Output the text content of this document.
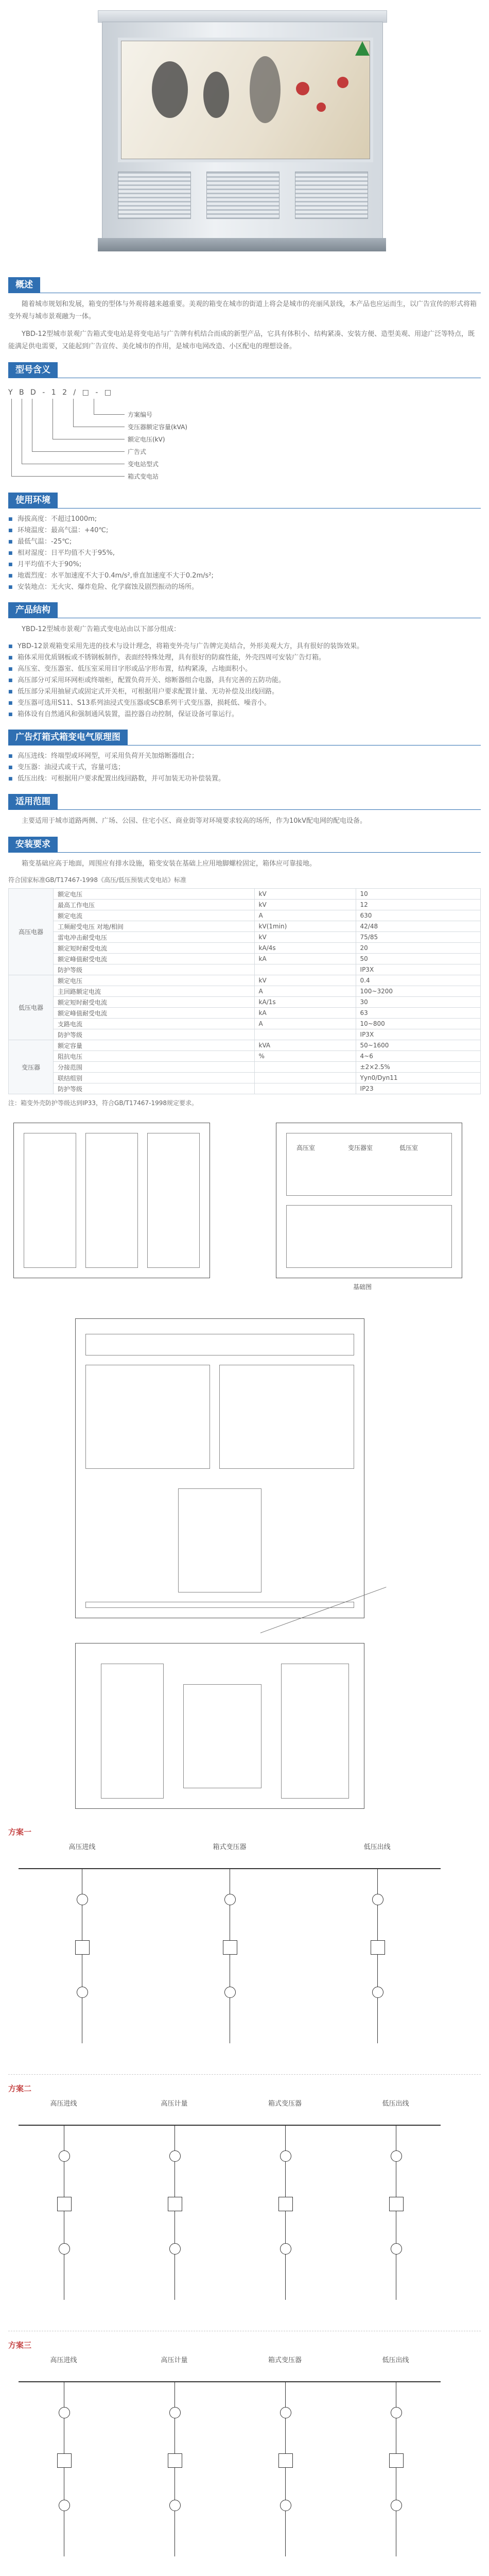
概述

随着城市规划和发展，箱变的型体与外观将越来越重要。美观的箱变在城市的街道上将会是城市的亮丽风景线，本产品也应运而生，以广告宣传的形式将箱变外观与城市景观融为一体。

YBD-12型城市景观广告箱式变电站是将变电站与广告牌有机结合而成的新型产品，它具有体积小、结构紧凑、安装方便、造型美观、用途广泛等特点，既能满足供电需要，又能起到广告宣传、美化城市的作用，是城市电网改造、小区配电的理想设备。

型号含义
Y B D - 1 2 / □ - □
方案编号
变压器额定容量(kVA)
额定电压(kV)
广告式
变电站型式
箱式变电站
使用环境
■ 海拔高度：不超过1000m;
■ 环境温度：最高气温：+40℃;
■ 最低气温：-25℃;
■ 相对湿度：日平均值不大于95%,
■ 月平均值不大于90%;
■ 地震烈度：水平加速度不大于0.4m/s²,垂直加速度不大于0.2m/s²;
■ 安装地点：无火灾、爆炸危险、化学腐蚀及剧烈振动的场所。
产品结构

YBD-12型城市景观广告箱式变电站由以下部分组成：

■ YBD-12景观箱变采用先进的技术与设计理念，将箱变外壳与广告牌完美结合，外形美观大方，具有很好的装饰效果。
■ 箱体采用优质钢板或不锈钢板制作，表面经特殊处理，具有很好的防腐性能，外壳四周可安装广告灯箱。
■ 高压室、变压器室、低压室采用目字形或品字形布置，结构紧凑，占地面积小。
■ 高压部分可采用环网柜或终端柜，配置负荷开关、熔断器组合电器，具有完善的五防功能。
■ 低压部分采用抽屉式或固定式开关柜，可根据用户要求配置计量、无功补偿及出线回路。
■ 变压器可选用S11、S13系列油浸式变压器或SCB系列干式变压器，损耗低、噪音小。
■ 箱体设有自然通风和强制通风装置，温控器自动控制，保证设备可靠运行。
广告灯箱式箱变电气原理图
■ 高压进线：终端型或环网型，可采用负荷开关加熔断器组合；
■ 变压器：油浸式或干式，容量可选；
■ 低压出线：可根据用户要求配置出线回路数，并可加装无功补偿装置。
适用范围

主要适用于城市道路两侧、广场、公园、住宅小区、商业街等对环境要求较高的场所，作为10kV配电网的配电设备。

安装要求

箱变基础应高于地面，周围应有排水设施，箱变安装在基础上应用地脚螺栓固定，箱体应可靠接地。

符合国家标准GB/T17467-1998《高压/低压预装式变电站》标准

高压电器	额定电压	kV	10
	最高工作电压	kV	12
	额定电流	A	630
	工频耐受电压 对地/相间	kV(1min)	42/48
	雷电冲击耐受电压	kV	75/85
	额定短时耐受电流	kA/4s	20
	额定峰值耐受电流	kA	50
	防护等级		IP3X
低压电器	额定电压	kV	0.4
	主回路额定电流	A	100~3200
	额定短时耐受电流	kA/1s	30
	额定峰值耐受电流	kA	63
	支路电流	A	10~800
	防护等级		IP3X
变压器	额定容量	kVA	50~1600
	阻抗电压	%	4~6
	分接范围		±2×2.5%
	联结组别		Yyn0/Dyn11
	防护等级		IP23

注：箱变外壳防护等级达到IP33，符合GB/T17467-1998规定要求。

高压室	变压器室	低压室
基础图
方案一
高压进线	箱式变压器	低压出线
方案二
高压进线	高压计量	箱式变压器	低压出线
方案三
高压进线	高压计量	箱式变压器	低压出线
